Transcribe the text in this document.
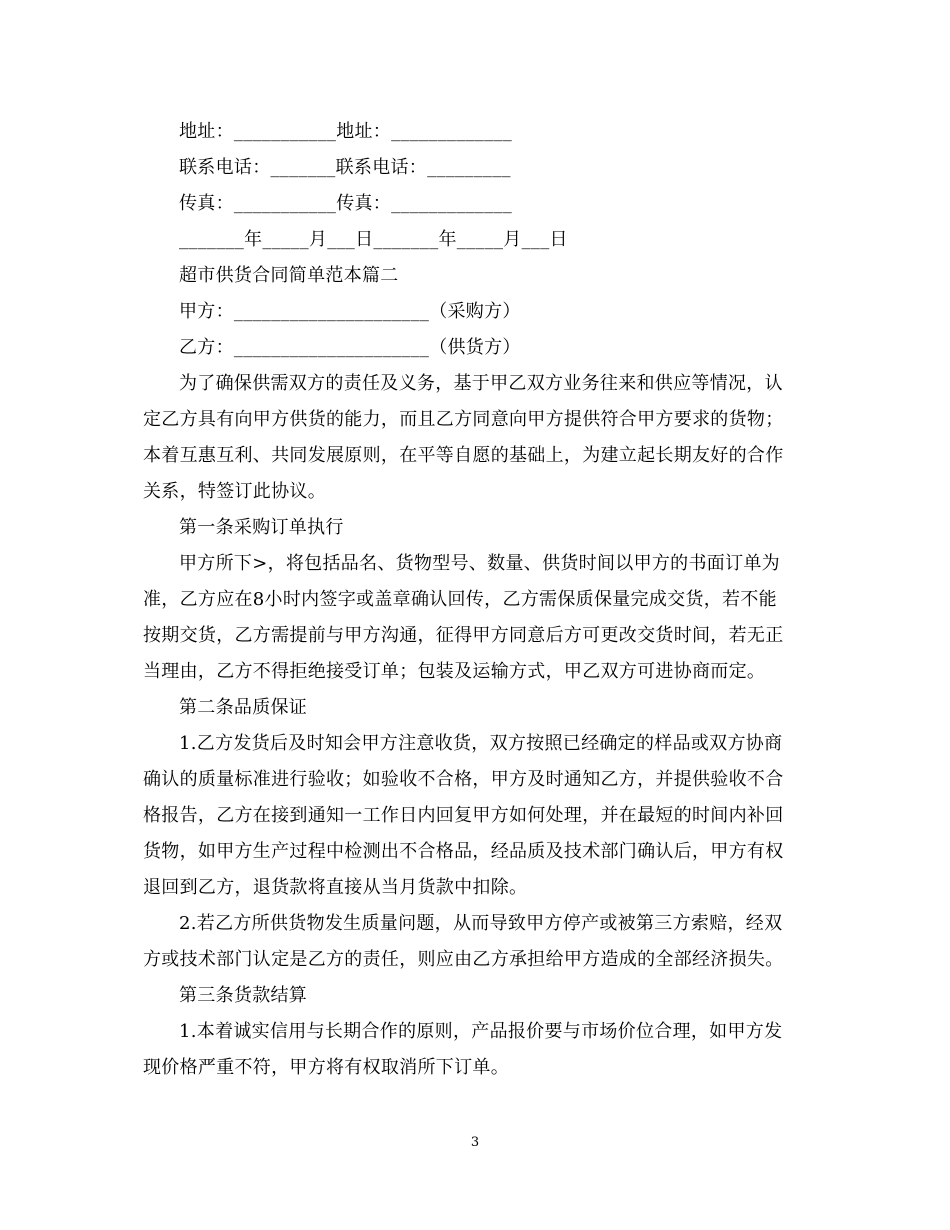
地址：___________地址：_____________
联系电话：_______联系电话：_________
传真：___________传真：_____________
_______年_____月___日_______年_____月___日
超市供货合同简单范本篇二
甲方：_____________________（采购方）
乙方：_____________________（供货方）
为了确保供需双方的责任及义务，基于甲乙双方业务往来和供应等情况，认
定乙方具有向甲方供货的能力，而且乙方同意向甲方提供符合甲方要求的货物；
本着互惠互利、共同发展原则，在平等自愿的基础上，为建立起长期友好的合作
关系，特签订此协议。
第一条采购订单执行
甲方所下>，将包括品名、货物型号、数量、供货时间以甲方的书面订单为
准，乙方应在8小时内签字或盖章确认回传，乙方需保质保量完成交货，若不能
按期交货，乙方需提前与甲方沟通，征得甲方同意后方可更改交货时间，若无正
当理由，乙方不得拒绝接受订单；包装及运输方式，甲乙双方可进协商而定。
第二条品质保证
1.乙方发货后及时知会甲方注意收货，双方按照已经确定的样品或双方协商
确认的质量标准进行验收；如验收不合格，甲方及时通知乙方，并提供验收不合
格报告，乙方在接到通知一工作日内回复甲方如何处理，并在最短的时间内补回
货物，如甲方生产过程中检测出不合格品，经品质及技术部门确认后，甲方有权
退回到乙方，退货款将直接从当月货款中扣除。
2.若乙方所供货物发生质量问题，从而导致甲方停产或被第三方索赔，经双
方或技术部门认定是乙方的责任，则应由乙方承担给甲方造成的全部经济损失。
第三条货款结算
1.本着诚实信用与长期合作的原则，产品报价要与市场价位合理，如甲方发
现价格严重不符，甲方将有权取消所下订单。
3
